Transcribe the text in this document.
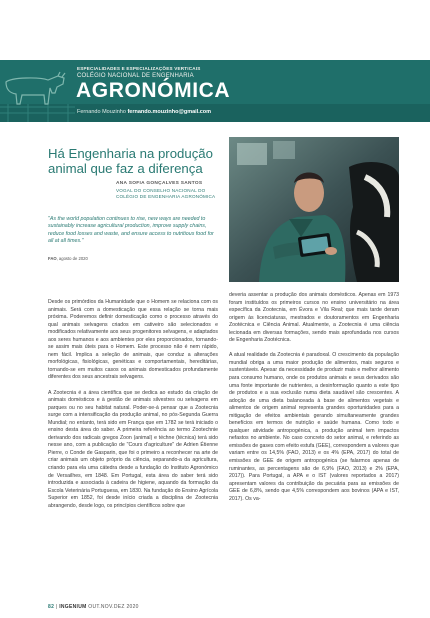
ESPECIALIDADES E ESPECIALIZAÇÕES VERTICAIS
COLÉGIO NACIONAL DE ENGENHARIA
AGRONÓMICA
Fernando Mouzinho fernando.mouzinho@gmail.com
Há Engenharia na produção animal que faz a diferença
ANA SOFIA GONÇALVES SANTOS
VOGAL DO CONSELHO NACIONAL DO COLÉGIO DE ENGENHARIA AGRONÓMICA
"As the world population continues to rise, new ways are needed to sustainably increase agricultural production, improve supply chains, reduce food losses and waste, and ensure access to nutritious food for all at all times."
FAO, agosto de 2020

Desde os primórdios da Humanidade que o Homem se relaciona com os animais. Será com a domesticação que essa relação se torna mais próxima. Poderemos definir domesticação como o processo através do qual animais selvagens criados em cativeiro são selecionados e modificados relativamente aos seus progenitores selvagens, e adaptados aos seres humanos e aos ambientes por eles proporcionados, tornando-se assim mais úteis para o Homem. Este processo não é nem rápido, nem fácil. Implica a seleção de animais, que conduz a alterações morfológicas, fisiológicas, genéticas e comportamentais, hereditárias, tornando-se em muitos casos os animais domesticados profundamente diferentes dos seus ancestrais selvagens.

A Zootecnia é a área científica que se dedica ao estudo da criação de animais domésticos e à gestão de animais silvestres ou selvagens em parques ou no seu habitat natural. Poder-se-á pensar que a Zootecnia surge com a intensificação da produção animal, no pós-Segunda Guerra Mundial; no entanto, terá sido em França que em 1782 se terá iniciado o ensino desta área do saber. A primeira referência ao termo Zootechnie derivando dos radicais gregos Zoon (animal) e téchne (técnica) terá sido nesse ano, com a publicação de "Cours d'agriculture" de Adrien Étienne Pierre, o Conde de Gasparin, que foi o primeiro a reconhecer na arte de criar animais um objeto próprio da ciência, separando-a da agricultura, criando para ela uma cátedra desde a fundação do Instituto Agronómico de Versailhes, em 1848. Em Portugal, esta área do saber terá sido introduzida e associada à cadeira de higiene, aquando da formação da Escola Veterinária Portuguesa, em 1830. Na fundação do Ensino Agrícola Superior em 1852, foi desde início criada a disciplina de Zootecnia abrangendo, desde logo, os princípios científicos sobre que

deveria assentar a produção dos animais domésticos. Apenas em 1973 foram instituídos os primeiros cursos no ensino universitário na área específica da Zootecnia, em Évora e Vila Real; que mais tarde deram origem às licenciaturas, mestrados e doutoramentos em Engenharia Zootécnica e Ciência Animal. Atualmente, a Zootecnia é uma ciência lecionada em diversas formações, sendo mais aprofundada nos cursos de Engenharia Zootécnica.

A atual realidade da Zootecnia é paradoxal. O crescimento da população mundial obriga a uma maior produção de alimentos, mais seguros e sustentáveis. Apesar da necessidade de produzir mais e melhor alimento para consumo humano, onde os produtos animais e seus derivados são uma fonte importante de nutrientes, a desinformação quanto a este tipo de produtos e a sua exclusão numa dieta saudável são crescentes. A adoção de uma dieta balanceada à base de alimentos vegetais e alimentos de origem animal representa grandes oportunidades para a mitigação de efeitos ambientais gerando simultaneamente grandes benefícios em termos de nutrição e saúde humana. Como todo e qualquer atividade antropogénica, a produção animal tem impactos nefastos no ambiente. No caso concreto do setor animal, e referindo as emissões de gases com efeito estufa (GEE), correspondem a valores que variam entre os 14,5% (FAO, 2013) e os 4% (EPA, 2017) do total de emissões de GEE de origem antropogénica (se falarmos apenas de ruminantes, as percentagens são de 6,9% (FAO, 2013) e 2% (EPA, 2017)). Para Portugal, a APA e o IST (valores reportados a 2017) apresentam valores da contribuição da pecuária para as emissões de GEE de 6,8%, sendo que 4,5% correspondem aos bovinos (APA e IST, 2017). Os va-

82 | INGENIUM OUT.NOV.DEZ 2020
